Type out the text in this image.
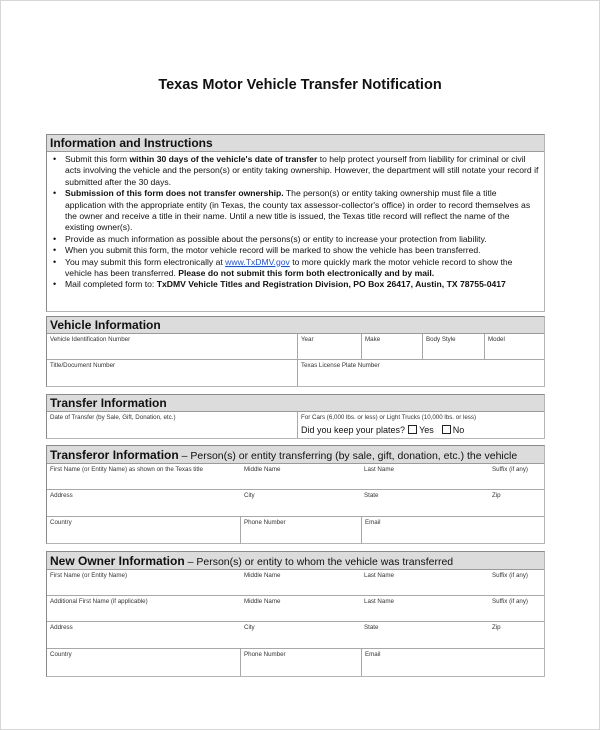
Texas Motor Vehicle Transfer Notification
Information and Instructions
• Submit this form within 30 days of the vehicle's date of transfer to help protect yourself from liability for criminal or civil acts involving the vehicle and the person(s) or entity taking ownership. However, the department will still notate your record if submitted after the 30 days.
• Submission of this form does not transfer ownership. The person(s) or entity taking ownership must file a title application with the appropriate entity (in Texas, the county tax assessor-collector's office) in order to record themselves as the owner and receive a title in their name. Until a new title is issued, the Texas title record will reflect the name of the existing owner(s).
• Provide as much information as possible about the persons(s) or entity to increase your protection from liability.
• When you submit this form, the motor vehicle record will be marked to show the vehicle has been transferred.
• You may submit this form electronically at www.TxDMV.gov to more quickly mark the motor vehicle record to show the vehicle has been transferred. Please do not submit this form both electronically and by mail.
• Mail completed form to: TxDMV Vehicle Titles and Registration Division, PO Box 26417, Austin, TX 78755-0417
Vehicle Information
Vehicle Identification Number	Year	Make	Body Style	Model
Title/Document Number	Texas License Plate Number
Transfer Information
Date of Transfer (by Sale, Gift, Donation, etc.)	For Cars (6,000 lbs. or less) or Light Trucks (10,000 lbs. or less)
Did you keep your plates? Yes No
Transferor Information – Person(s) or entity transferring (by sale, gift, donation, etc.) the vehicle
First Name (or Entity Name) as shown on the Texas title	Middle Name	Last Name	Suffix (if any)
Address	City	State	Zip
Country	Phone Number	Email
New Owner Information – Person(s) or entity to whom the vehicle was transferred
First Name (or Entity Name)	Middle Name	Last Name	Suffix (if any)
Additional First Name (if applicable)	Middle Name	Last Name	Suffix (if any)
Address	City	State	Zip
Country	Phone Number	Email
